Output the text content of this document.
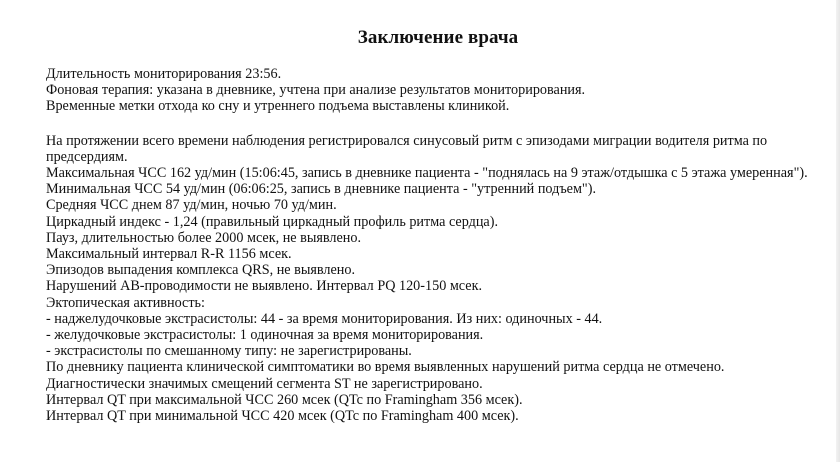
Заключение врача
Длительность мониторирования 23:56.
Фоновая терапия: указана в дневнике, учтена при анализе результатов мониторирования.
Временные метки отхода ко сну и утреннего подъема выставлены клиникой.
На протяжении всего времени наблюдения регистрировался синусовый ритм с эпизодами миграции водителя ритма по предсердиям.
Максимальная ЧСС 162 уд/мин (15:06:45, запись в дневнике пациента - "поднялась на 9 этаж/отдышка с 5 этажа умеренная").
Минимальная ЧСС 54 уд/мин (06:06:25, запись в дневнике пациента - "утренний подъем").
Средняя ЧСС днем 87 уд/мин, ночью 70 уд/мин.
Циркадный индекс - 1,24 (правильный циркадный профиль ритма сердца).
Пауз, длительностью более 2000 мсек, не выявлено.
Максимальный интервал R-R 1156 мсек.
Эпизодов выпадения комплекса QRS, не выявлено.
Нарушений АВ-проводимости не выявлено. Интервал PQ 120-150 мсек.
Эктопическая активность:
- наджелудочковые экстрасистолы: 44 - за время мониторирования. Из них: одиночных - 44.
- желудочковые экстрасистолы: 1 одиночная за время мониторирования.
- экстрасистолы по смешанному типу: не зарегистрированы.
По дневнику пациента клинической симптоматики во время выявленных нарушений ритма сердца не отмечено.
Диагностически значимых смещений сегмента ST не зарегистрировано.
Интервал QT при максимальной ЧСС 260 мсек (QTc по Framingham 356 мсек).
Интервал QT при минимальной ЧСС 420 мсек (QTc по Framingham 400 мсек).
